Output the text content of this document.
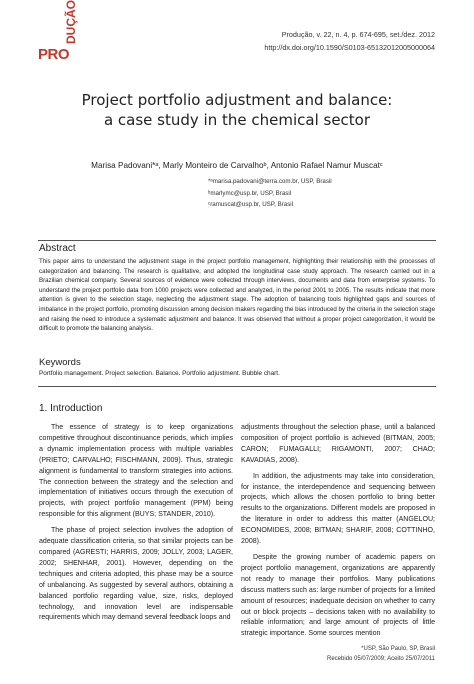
DUÇÃO
PRO
Produção, v. 22, n. 4, p. 674-695, set./dez. 2012
http://dx.doi.org/10.1590/S0103-65132012005000064
Project portfolio adjustment and balance:
a case study in the chemical sector
Marisa Padovani*ᵃ, Marly Monteiro de Carvalhoᵇ, Antonio Rafael Namur Muscatᶜ
*ᵃmarisa.padovani@terra.com.br, USP, Brasil
ᵇmarlymc@usp.br, USP, Brasil
ᶜramuscat@usp.br, USP, Brasil
Abstract
This paper aims to understand the adjustment stage in the project portfolio management, highlighting their relationship with the processes of categorization and balancing. The research is qualitative, and adopted the longitudinal case study approach. The research carried out in a Brazilian chemical company. Several sources of evidence were collected through interviews, documents and data from enterprise systems. To understand the project portfolio data from 1000 projects were collected and analyzed, in the period 2001 to 2005. The results indicate that more attention is given to the selection stage, neglecting the adjustment stage. The adoption of balancing tools highlighted gaps and sources of imbalance in the project portfolio, promoting discussion among decision makers regarding the bias introduced by the criteria in the selection stage and raising the need to introduce a systematic adjustment and balance. It was observed that without a proper project categorization, it would be difficult to promote the balancing analysis.
Keywords
Portfolio management. Project selection. Balance. Portfolio adjustment. Bubble chart.
1. Introduction

The essence of strategy is to keep organizations competitive throughout discontinuance periods, which implies a dynamic implementation process with multiple variables (PRIETO; CARVALHO; FISCHMANN, 2009). Thus, strategic alignment is fundamental to transform strategies into actions. The connection between the strategy and the selection and implementation of initiatives occurs through the execution of projects, with project portfolio management (PPM) being responsible for this alignment (BUYS; STANDER, 2010).

The phase of project selection involves the adoption of adequate classification criteria, so that similar projects can be compared (AGRESTI; HARRIS, 2009; JOLLY, 2003; LAGER, 2002; SHENHAR, 2001). However, depending on the techniques and criteria adopted, this phase may be a source of unbalancing. As suggested by several authors, obtaining a balanced portfolio regarding value, size, risks, deployed technology, and innovation level are indispensable requirements which may demand several feedback loops and

adjustments throughout the selection phase, until a balanced composition of project portfolio is achieved (BITMAN, 2005; CARON; FUMAGALLI; RIGAMONTI, 2007; CHAO; KAVADIAS, 2008).

In addition, the adjustments may take into consideration, for instance, the interdependence and sequencing between projects, which allows the chosen portfolio to bring better results to the organizations. Different models are proposed in the literature in order to address this matter (ANGELOU; ECONOMIDES, 2008; BITMAN; SHARIF, 2008; COTTINHO, 2008).

Despite the growing number of academic papers on project portfolio management, organizations are apparently not ready to manage their portfolios. Many publications discuss matters such as: large number of projects for a limited amount of resources; inadequate decision on whether to carry out or block projects – decisions taken with no availability to reliable information; and large amount of projects of little strategic importance. Some sources mention

*USP, São Paulo, SP, Brasil
Recebido 05/07/2009; Aceito 25/07/2011
